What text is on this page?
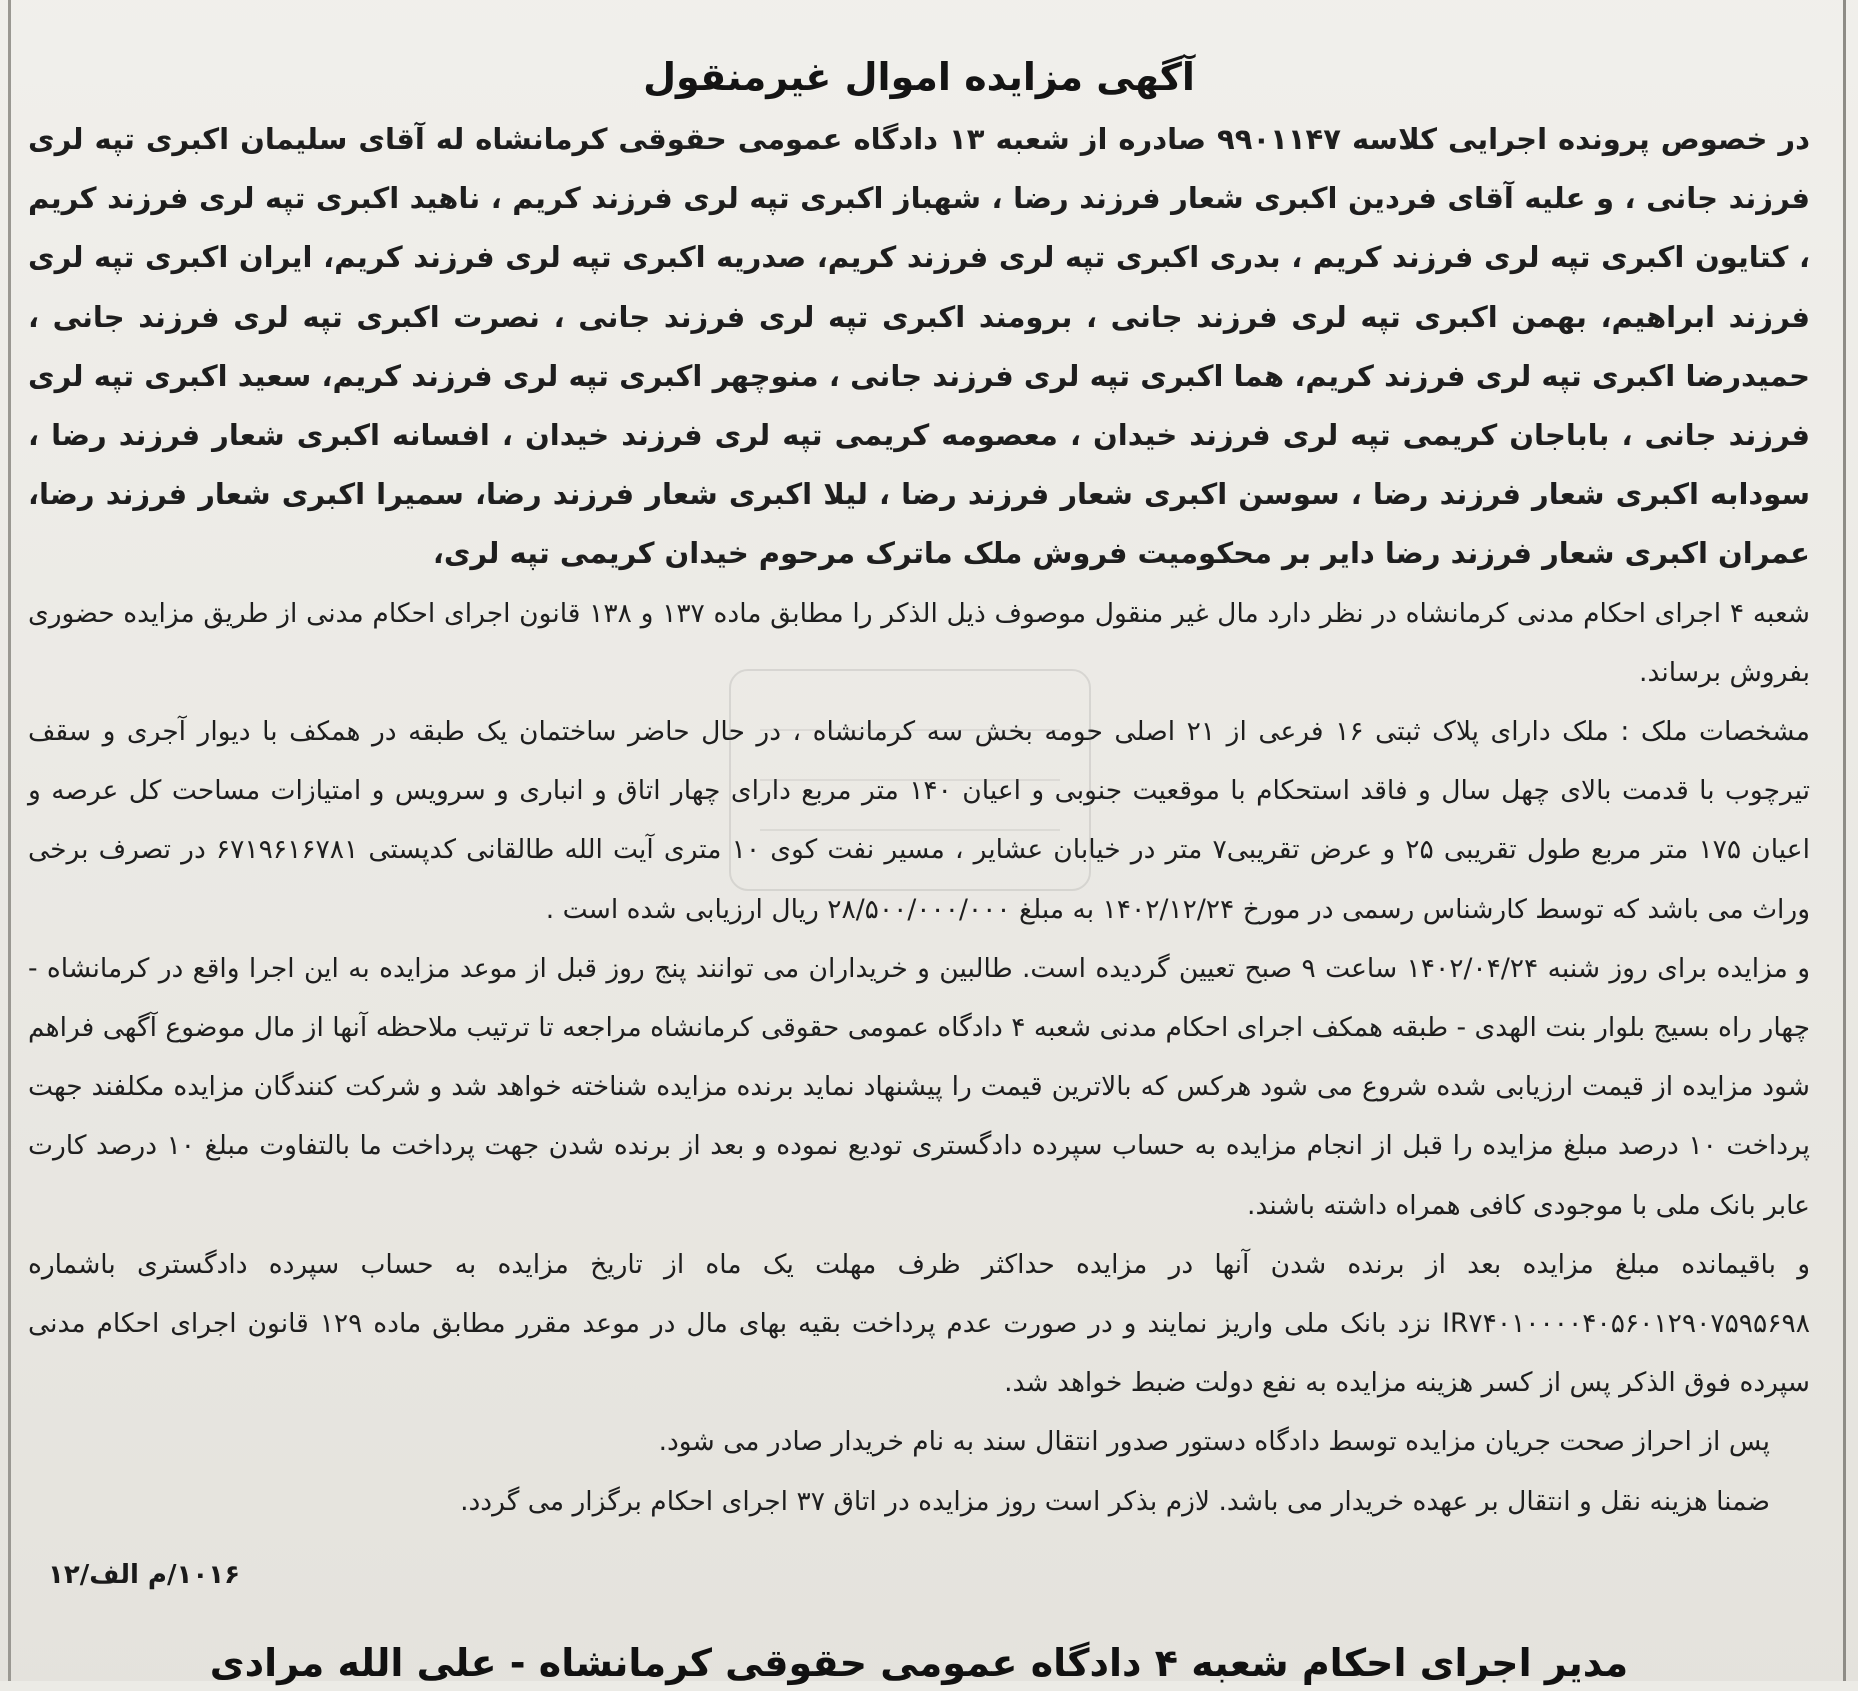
آگهی مزایده اموال غیرمنقول

در خصوص پرونده اجرایی کلاسه ۹۹۰۱۱۴۷ صادره از شعبه ۱۳ دادگاه عمومی حقوقی کرمانشاه له آقای سلیمان اکبری تپه لری فرزند جانی ، و علیه آقای فردین اکبری شعار فرزند رضا ، شهباز اکبری تپه لری فرزند کریم ، ناهید اکبری تپه لری فرزند کریم ، کتایون اکبری تپه لری فرزند کریم ، بدری اکبری تپه لری فرزند کریم، صدریه اکبری تپه لری فرزند کریم، ایران اکبری تپه لری فرزند ابراهیم، بهمن اکبری تپه لری فرزند جانی ، برومند اکبری تپه لری فرزند جانی ، نصرت اکبری تپه لری فرزند جانی ، حمیدرضا اکبری تپه لری فرزند کریم، هما اکبری تپه لری فرزند جانی ، منوچهر اکبری تپه لری فرزند کریم، سعید اکبری تپه لری فرزند جانی ، باباجان کریمی تپه لری فرزند خیدان ، معصومه کریمی تپه لری فرزند خیدان ، افسانه اکبری شعار فرزند رضا ، سودابه اکبری شعار فرزند رضا ، سوسن اکبری شعار فرزند رضا ، لیلا اکبری شعار فرزند رضا، سمیرا اکبری شعار فرزند رضا، عمران اکبری شعار فرزند رضا دایر بر محکومیت فروش ملک ماترک مرحوم خیدان کریمی تپه لری،

شعبه ۴ اجرای احکام مدنی کرمانشاه در نظر دارد مال غیر منقول موصوف ذیل الذکر را مطابق ماده ۱۳۷ و ۱۳۸ قانون اجرای احکام مدنی از طریق مزایده حضوری بفروش برساند.

مشخصات ملک : ملک دارای پلاک ثبتی ۱۶ فرعی از ۲۱ اصلی حومه بخش سه کرمانشاه ، در حال حاضر ساختمان یک طبقه در همکف با دیوار آجری و سقف تیرچوب با قدمت بالای چهل سال و فاقد استحکام با موقعیت جنوبی و اعیان ۱۴۰ متر مربع دارای چهار اتاق و انباری و سرویس و امتیازات مساحت کل عرصه و اعیان ۱۷۵ متر مربع طول تقریبی ۲۵ و عرض تقریبی۷ متر در خیابان عشایر ، مسیر نفت کوی ۱۰ متری آیت الله طالقانی کدپستی ۶۷۱۹۶۱۶۷۸۱ در تصرف برخی وراث می باشد که توسط کارشناس رسمی در مورخ ۱۴۰۲/۱۲/۲۴ به مبلغ ۲۸/۵۰۰/۰۰۰/۰۰۰ ریال ارزیابی شده است .

و مزایده برای روز شنبه ۱۴۰۲/۰۴/۲۴ ساعت ۹ صبح تعیین گردیده است. طالبین و خریداران می توانند پنج روز قبل از موعد مزایده به این اجرا واقع در کرمانشاه - چهار راه بسیج بلوار بنت الهدی - طبقه همکف اجرای احکام مدنی شعبه ۴ دادگاه عمومی حقوقی کرمانشاه مراجعه تا ترتیب ملاحظه آنها از مال موضوع آگهی فراهم شود مزایده از قیمت ارزیابی شده شروع می شود هرکس که بالاترین قیمت را پیشنهاد نماید برنده مزایده شناخته خواهد شد و شرکت کنندگان مزایده مکلفند جهت پرداخت ۱۰ درصد مبلغ مزایده را قبل از انجام مزایده به حساب سپرده دادگستری تودیع نموده و بعد از برنده شدن جهت پرداخت ما بالتفاوت مبلغ ۱۰ درصد کارت عابر بانک ملی با موجودی کافی همراه داشته باشند.

و باقیمانده مبلغ مزایده بعد از برنده شدن آنها در مزایده حداکثر ظرف مهلت یک ماه از تاریخ مزایده به حساب سپرده دادگستری باشماره IR۷۴۰۱۰۰۰۰۴۰۵۶۰۱۲۹۰۷۵۹۵۶۹۸ نزد بانک ملی واریز نمایند و در صورت عدم پرداخت بقیه بهای مال در موعد مقرر مطابق ماده ۱۲۹ قانون اجرای احکام مدنی سپرده فوق الذکر پس از کسر هزینه مزایده به نفع دولت ضبط خواهد شد.

پس از احراز صحت جریان مزایده توسط دادگاه دستور صدور انتقال سند به نام خریدار صادر می شود.

ضمنا هزینه نقل و انتقال بر عهده خریدار می باشد. لازم بذکر است روز مزایده در اتاق ۳۷ اجرای احکام برگزار می گردد.

۱۰۱۶/م الف/۱۲
مدیر اجرای احکام شعبه ۴ دادگاه عمومی حقوقی کرمانشاه - علی الله مرادی
